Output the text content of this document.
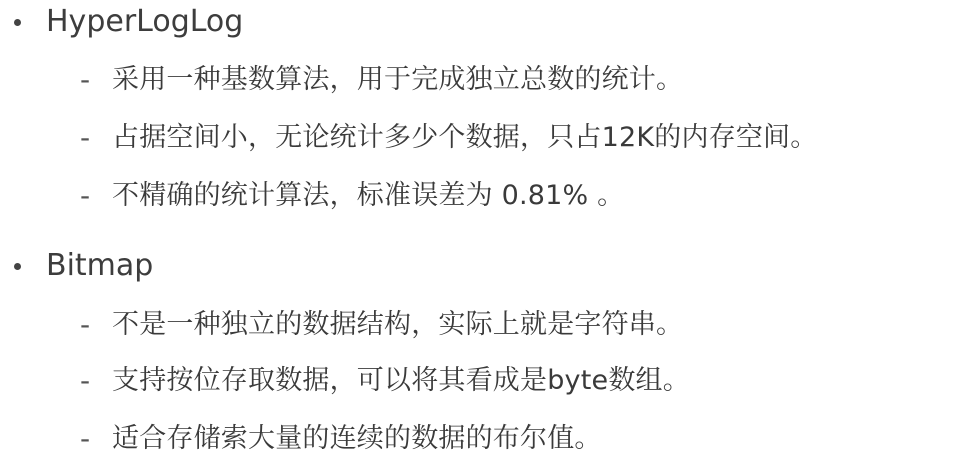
HyperLogLog
- 采用一种基数算法，用于完成独立总数的统计。
- 占据空间小，无论统计多少个数据，只占12K的内存空间。
- 不精确的统计算法，标准误差为 0.81% 。
Bitmap
- 不是一种独立的数据结构，实际上就是字符串。
- 支持按位存取数据，可以将其看成是byte数组。
- 适合存储索大量的连续的数据的布尔值。
